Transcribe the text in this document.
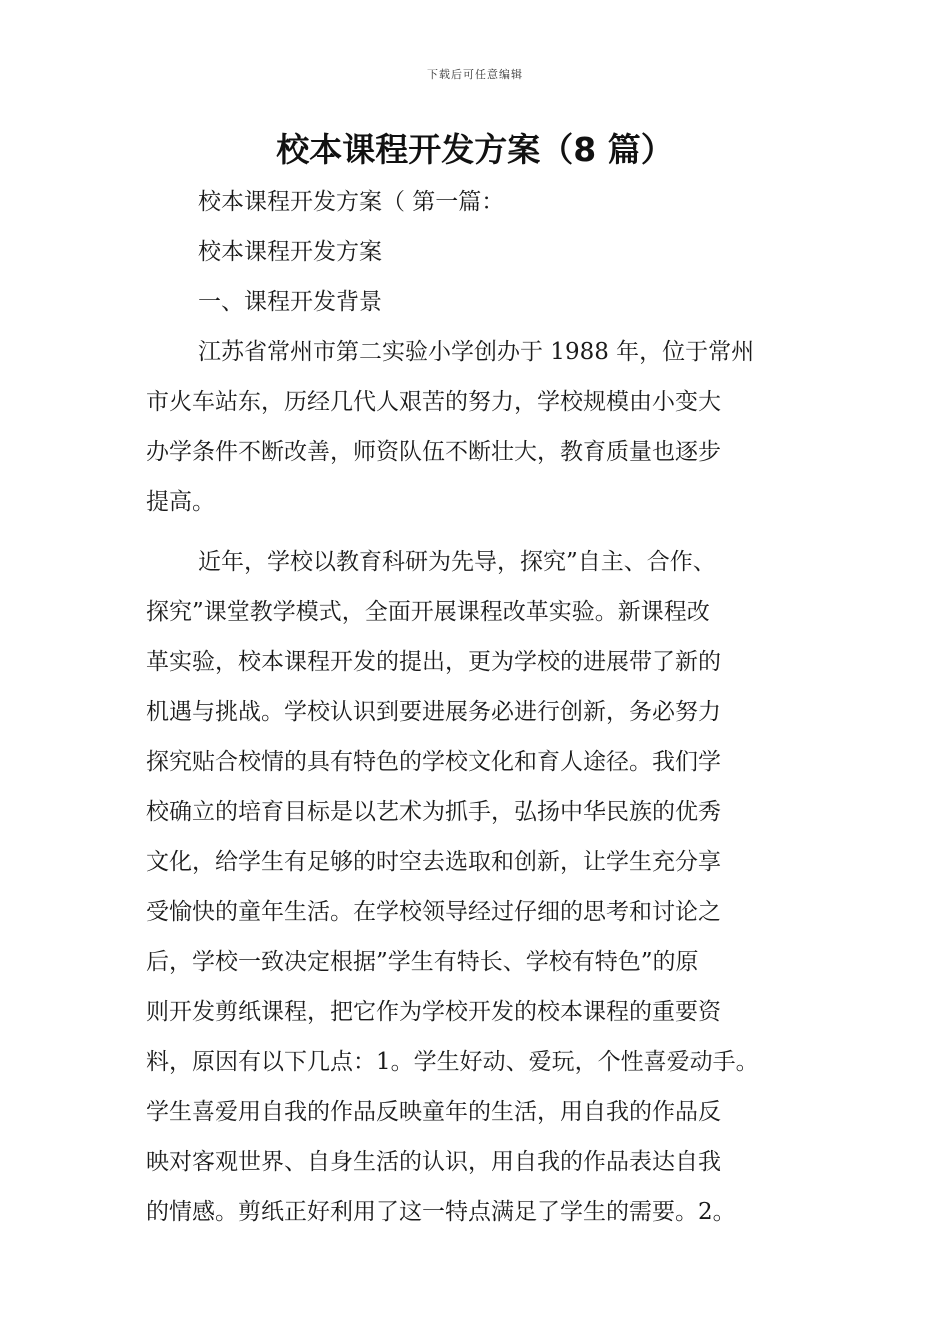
下载后可任意编辑
校本课程开发方案（8 篇）
校本课程开发方案（ 第一篇：
校本课程开发方案
一、课程开发背景
江苏省常州市第二实验小学创办于 1988 年，位于常州
市火车站东，历经几代人艰苦的努力，学校规模由小变大
办学条件不断改善，师资队伍不断壮大，教育质量也逐步
提高。
近年，学校以教育科研为先导，探究”自主、合作、
探究”课堂教学模式，全面开展课程改革实验。新课程改
革实验，校本课程开发的提出，更为学校的进展带了新的
机遇与挑战。学校认识到要进展务必进行创新，务必努力
探究贴合校情的具有特色的学校文化和育人途径。我们学
校确立的培育目标是以艺术为抓手，弘扬中华民族的优秀
文化，给学生有足够的时空去选取和创新，让学生充分享
受愉快的童年生活。在学校领导经过仔细的思考和讨论之
后，学校一致决定根据”学生有特长、学校有特色”的原
则开发剪纸课程，把它作为学校开发的校本课程的重要资
料，原因有以下几点：1。学生好动、爱玩，个性喜爱动手。
学生喜爱用自我的作品反映童年的生活，用自我的作品反
映对客观世界、自身生活的认识，用自我的作品表达自我
的情感。剪纸正好利用了这一特点满足了学生的需要。2。
